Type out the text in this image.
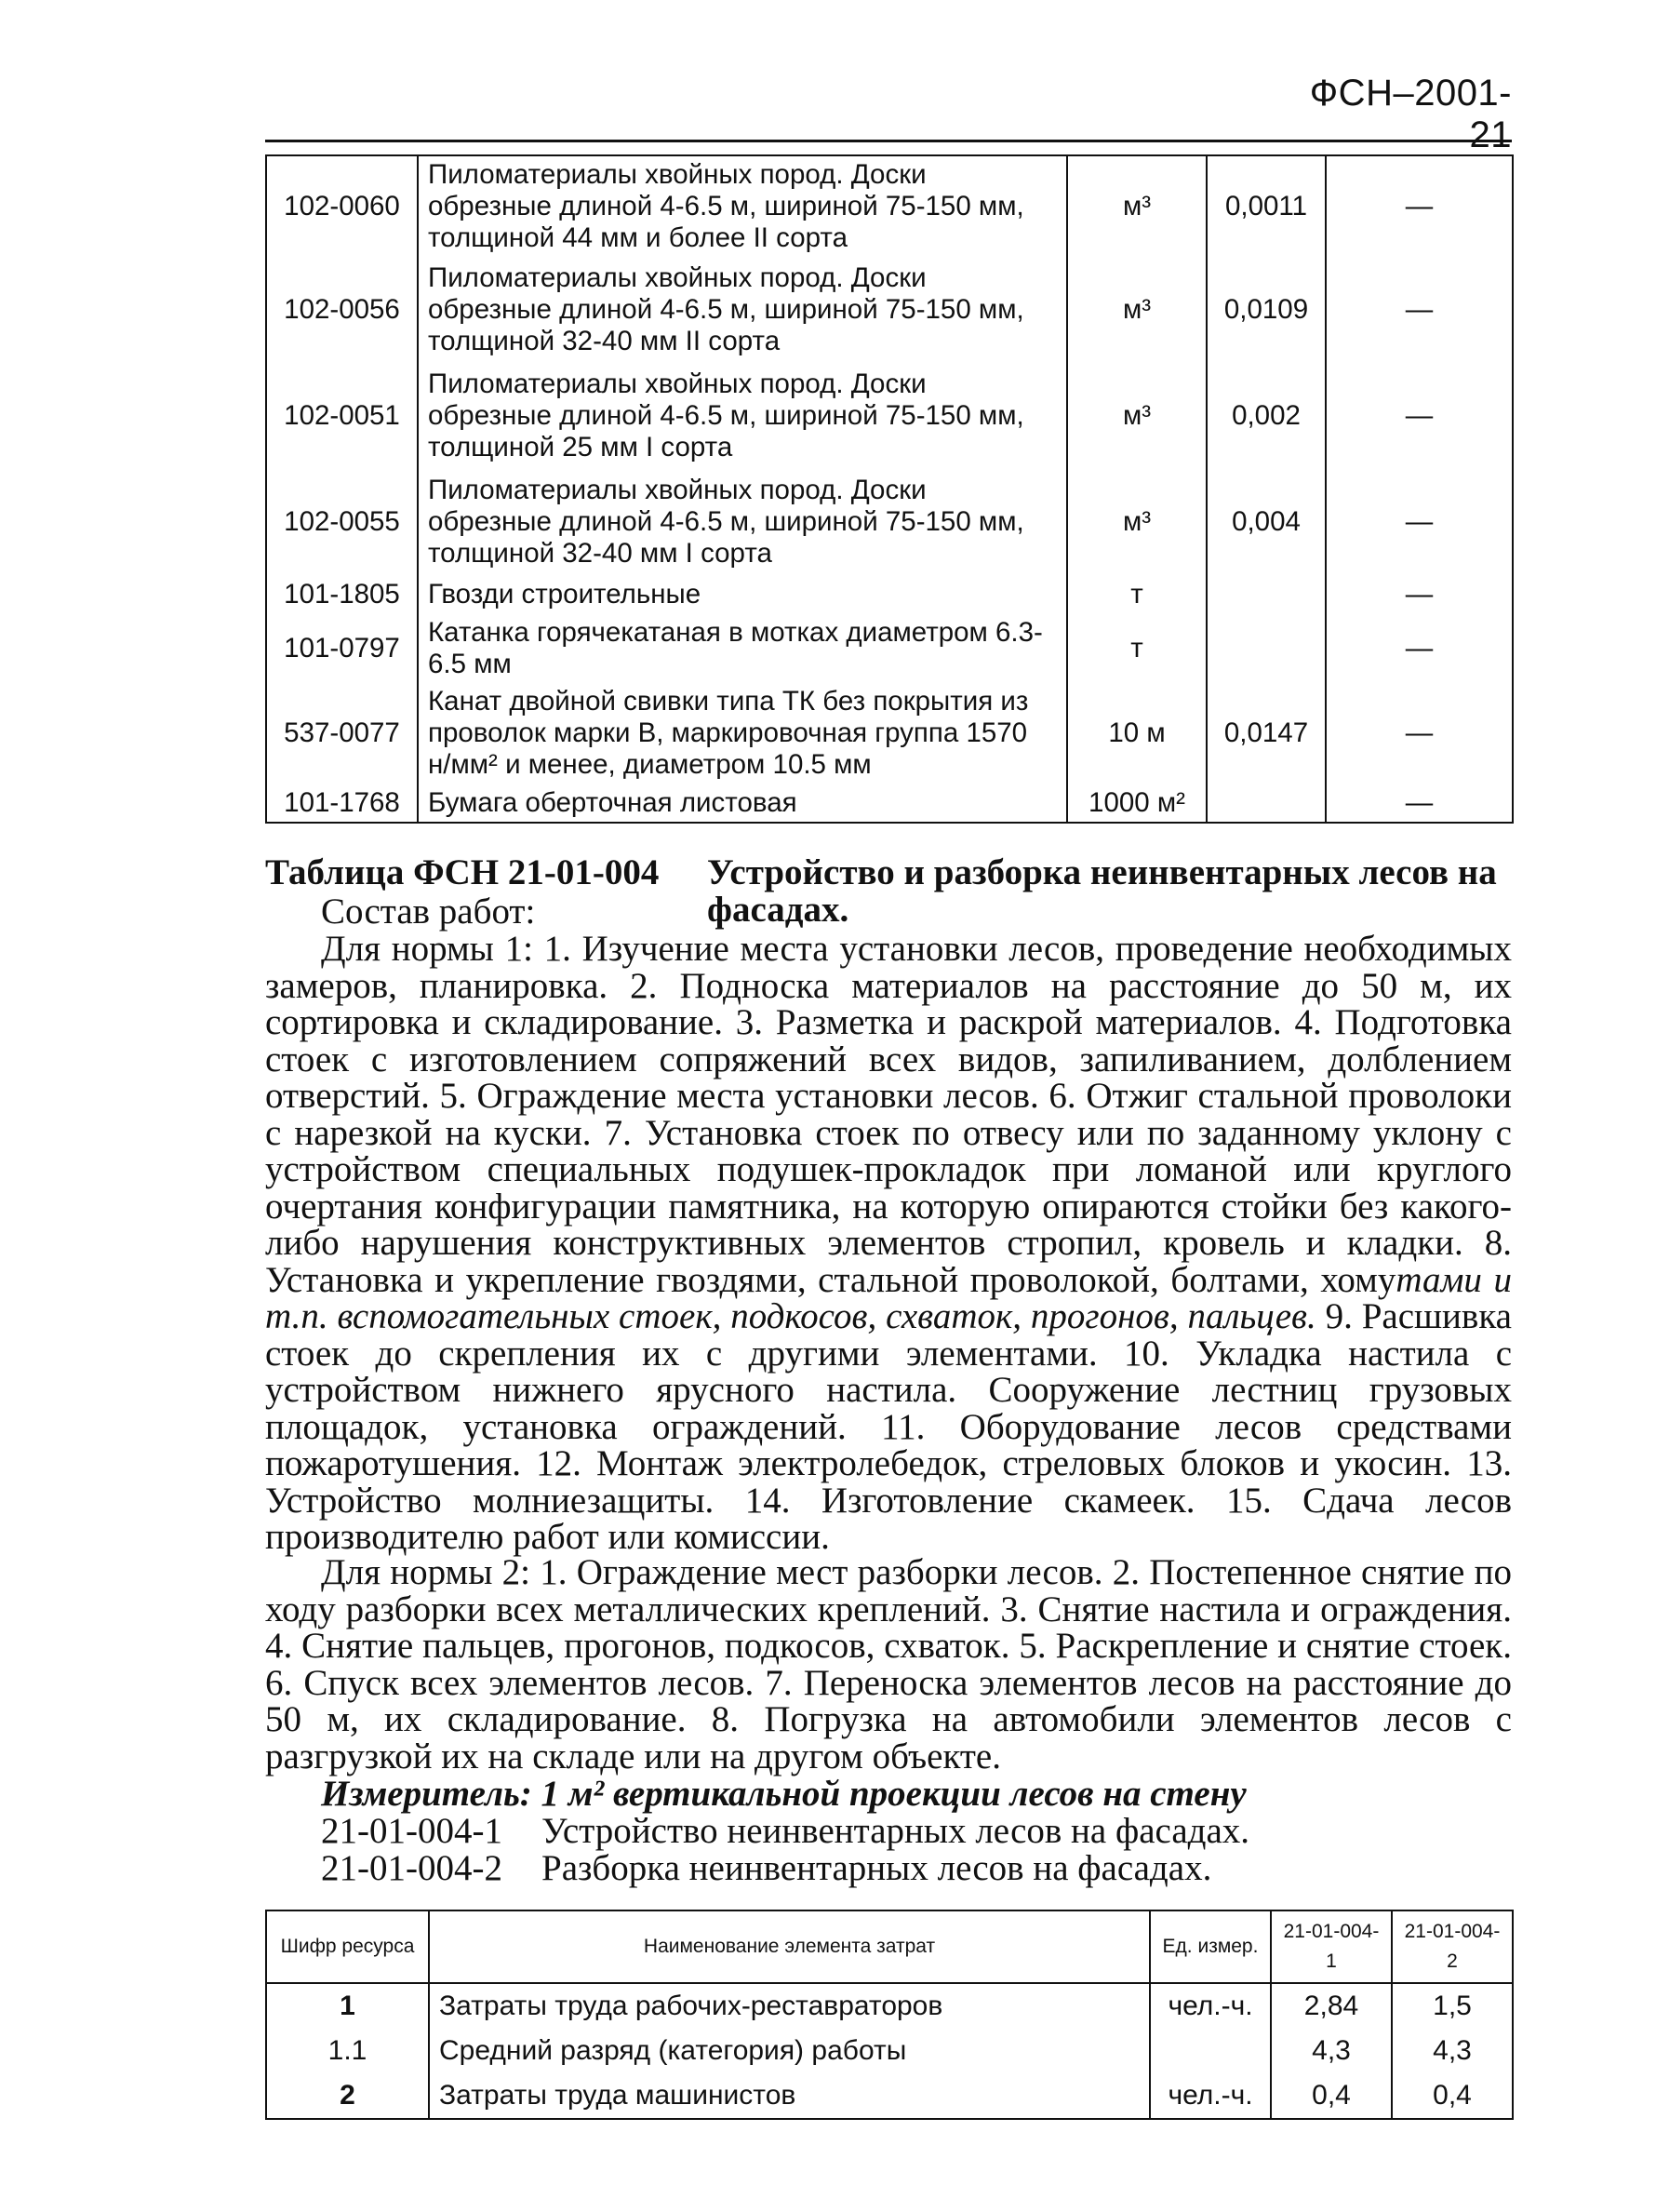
ФСН–2001-21
102-0060	Пиломатериалы хвойных пород. Доски обрезные длиной 4-6.5 м, шириной 75-150 мм, толщиной 44 мм и более II сорта	м³	0,0011	—
102-0056	Пиломатериалы хвойных пород. Доски обрезные длиной 4-6.5 м, шириной 75-150 мм, толщиной 32-40 мм II сорта	м³	0,0109	—
102-0051	Пиломатериалы хвойных пород. Доски обрезные длиной 4-6.5 м, шириной 75-150 мм, толщиной 25 мм I сорта	м³	0,002	—
102-0055	Пиломатериалы хвойных пород. Доски обрезные длиной 4-6.5 м, шириной 75-150 мм, толщиной 32-40 мм I сорта	м³	0,004	—
101-1805	Гвозди строительные	т		—
101-0797	Катанка горячекатаная в мотках диаметром 6.3-6.5 мм	т		—
537-0077	Канат двойной свивки типа ТК без покрытия из проволок марки В, маркировочная группа 1570 н/мм² и менее, диаметром 10.5 мм	10 м	0,0147	—
101-1768	Бумага оберточная листовая	1000 м²		—
Таблица ФСН 21-01-004 Устройство и разборка неинвентарных лесов на фасадах.

Состав работ:

Для нормы 1: 1. Изучение места установки лесов, проведение необходимых замеров, планировка. 2. Подноска материалов на расстояние до 50 м, их сортировка и складирование. 3. Разметка и раскрой материалов. 4. Подготовка стоек с изготовлением сопряжений всех видов, запиливанием, долблением отверстий. 5. Ограждение места установки лесов. 6. Отжиг стальной проволоки с нарезкой на куски. 7. Установка стоек по отвесу или по заданному уклону с устройством специальных подушек-прокладок при ломаной или круглого очертания конфигурации памятника, на которую опираются стойки без какого-либо нарушения конструктивных элементов стропил, кровель и кладки. 8. Установка и укрепление гвоздями, стальной проволокой, болтами, хомутами и т.п. вспомогательных стоек, подкосов, схваток, прогонов, пальцев. 9. Расшивка стоек до скрепления их с другими элементами. 10. Укладка настила с устройством нижнего ярусного настила. Сооружение лестниц грузовых площадок, установка ограждений. 11. Оборудование лесов средствами пожаротушения. 12. Монтаж электролебедок, стреловых блоков и укосин. 13. Устройство молниезащиты. 14. Изготовление скамеек. 15. Сдача лесов производителю работ или комиссии.

Для нормы 2: 1. Ограждение мест разборки лесов. 2. Постепенное снятие по ходу разборки всех металлических креплений. 3. Снятие настила и ограждения. 4. Снятие пальцев, прогонов, подкосов, схваток. 5. Раскрепление и снятие стоек. 6. Спуск всех элементов лесов. 7. Переноска элементов лесов на расстояние до 50 м, их складирование. 8. Погрузка на автомобили элементов лесов с разгрузкой их на складе или на другом объекте.

Измеритель: 1 м² вертикальной проекции лесов на стену
21-01-004-1 Устройство неинвентарных лесов на фасадах.
21-01-004-2 Разборка неинвентарных лесов на фасадах.
Шифр ресурса	Наименование элемента затрат	Ед. измер.	21-01-004-1	21-01-004-2
1	Затраты труда рабочих-реставраторов	чел.-ч.	2,84	1,5
1.1	Средний разряд (категория) работы		4,3	4,3
2	Затраты труда машинистов	чел.-ч.	0,4	0,4
